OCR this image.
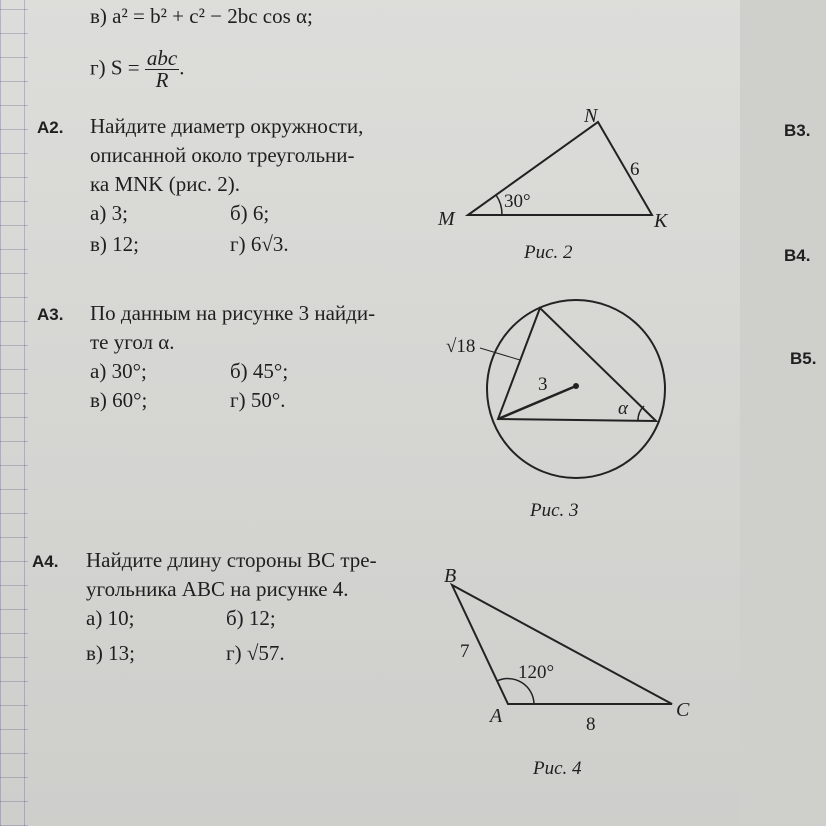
в) a² = b² + c² − 2bc cos α;
г) $S = \frac{\text{abc}}{R}$ .
A2. Найдите диаметр окружности,
описанной около треугольни-
ка MNK (рис. 2).
а) 3;	б) 6;
в) 12;	г) 6√3.
N
M	K
6
30°
Рис. 2
A3. По данным на рисунке 3 найди-
те угол α.
а) 30°;	б) 45°;
в) 60°;	г) 50°.
√18
3
α
Рис. 3
A4. Найдите длину стороны BC тре-
угольника ABC на рисунке 4.
а) 10;	б) 12;
в) 13;	г) √57.
B
A	C
7
8
120°
Рис. 4
B3.
B4.
B5.
